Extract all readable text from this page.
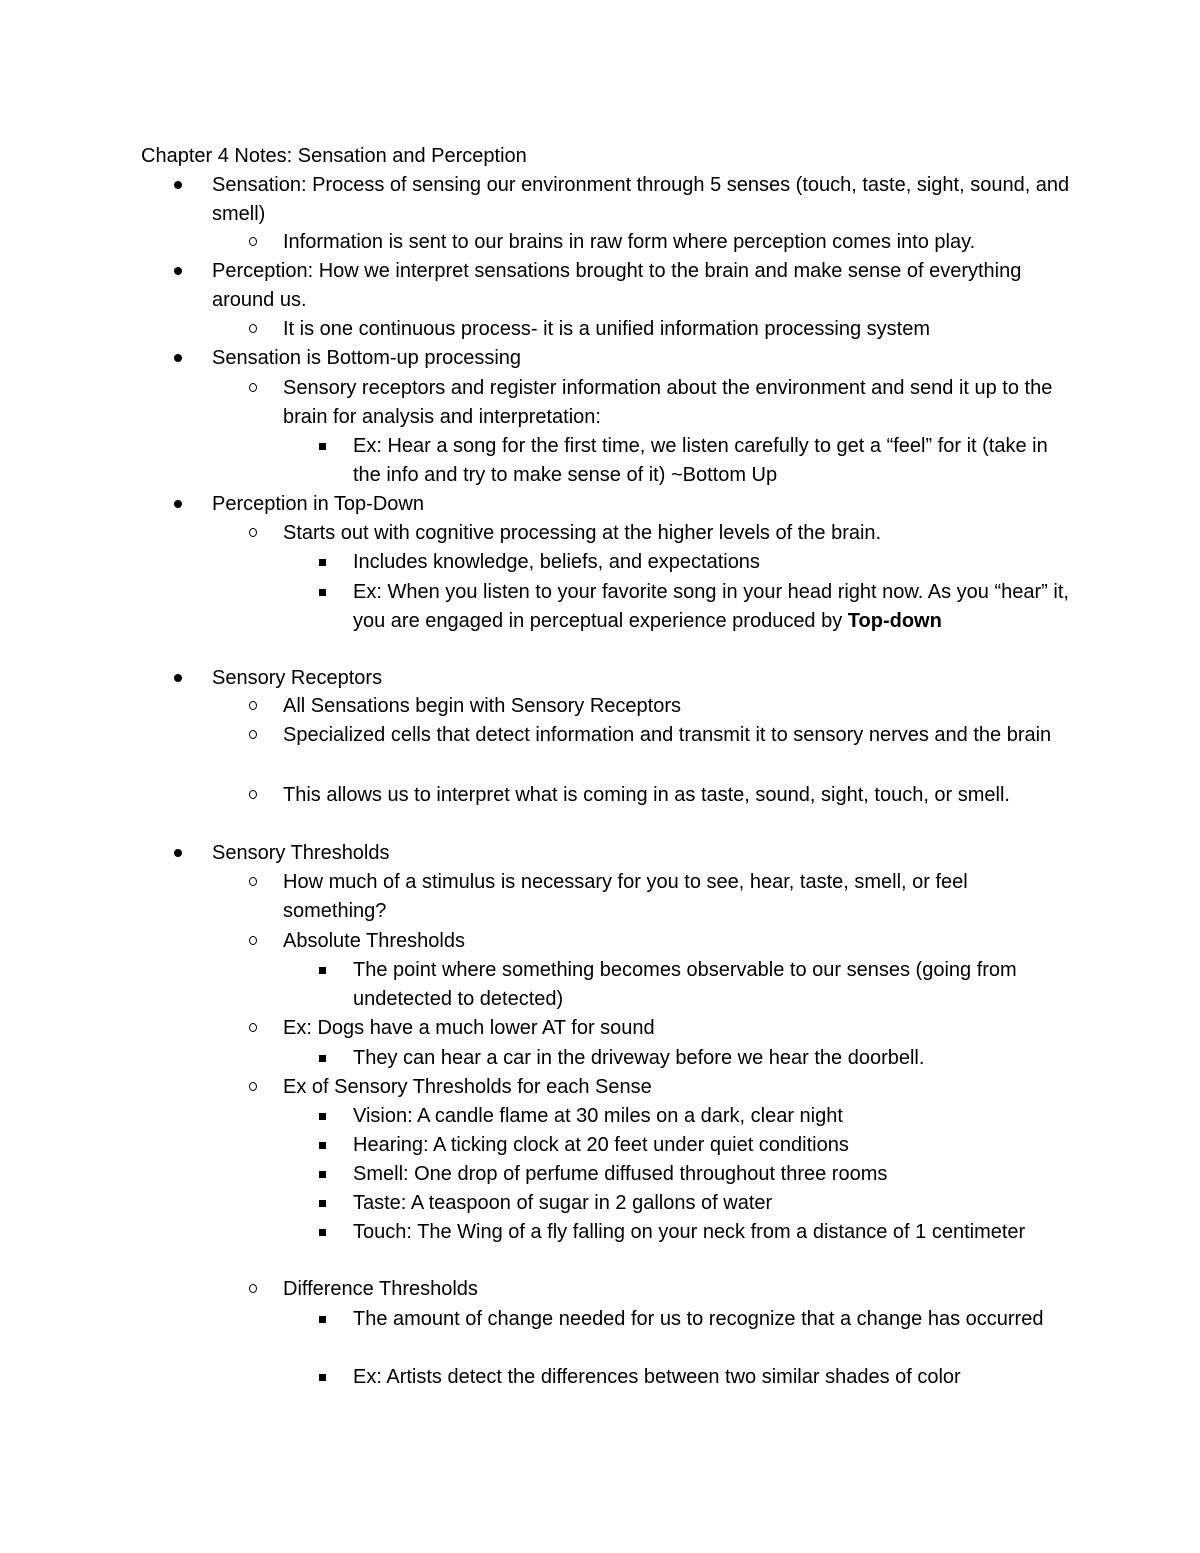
Chapter 4 Notes: Sensation and Perception
Sensation: Process of sensing our environment through 5 senses (touch, taste, sight, sound, and smell)
Information is sent to our brains in raw form where perception comes into play.
Perception: How we interpret sensations brought to the brain and make sense of everything around us.
It is one continuous process- it is a unified information processing system
Sensation is Bottom-up processing
Sensory receptors and register information about the environment and send it up to the brain for analysis and interpretation:
Ex: Hear a song for the first time, we listen carefully to get a “feel” for it (take in the info and try to make sense of it) ~Bottom Up
Perception in Top-Down
Starts out with cognitive processing at the higher levels of the brain.
Includes knowledge, beliefs, and expectations
Ex: When you listen to your favorite song in your head right now. As you “hear” it, you are engaged in perceptual experience produced by Top-down
Sensory Receptors
All Sensations begin with Sensory Receptors
Specialized cells that detect information and transmit it to sensory nerves and the brain
This allows us to interpret what is coming in as taste, sound, sight, touch, or smell.
Sensory Thresholds
How much of a stimulus is necessary for you to see, hear, taste, smell, or feel something?
Absolute Thresholds
The point where something becomes observable to our senses (going from undetected to detected)
Ex: Dogs have a much lower AT for sound
They can hear a car in the driveway before we hear the doorbell.
Ex of Sensory Thresholds for each Sense
Vision: A candle flame at 30 miles on a dark, clear night
Hearing: A ticking clock at 20 feet under quiet conditions
Smell: One drop of perfume diffused throughout three rooms
Taste: A teaspoon of sugar in 2 gallons of water
Touch: The Wing of a fly falling on your neck from a distance of 1 centimeter
Difference Thresholds
The amount of change needed for us to recognize that a change has occurred
Ex: Artists detect the differences between two similar shades of color
